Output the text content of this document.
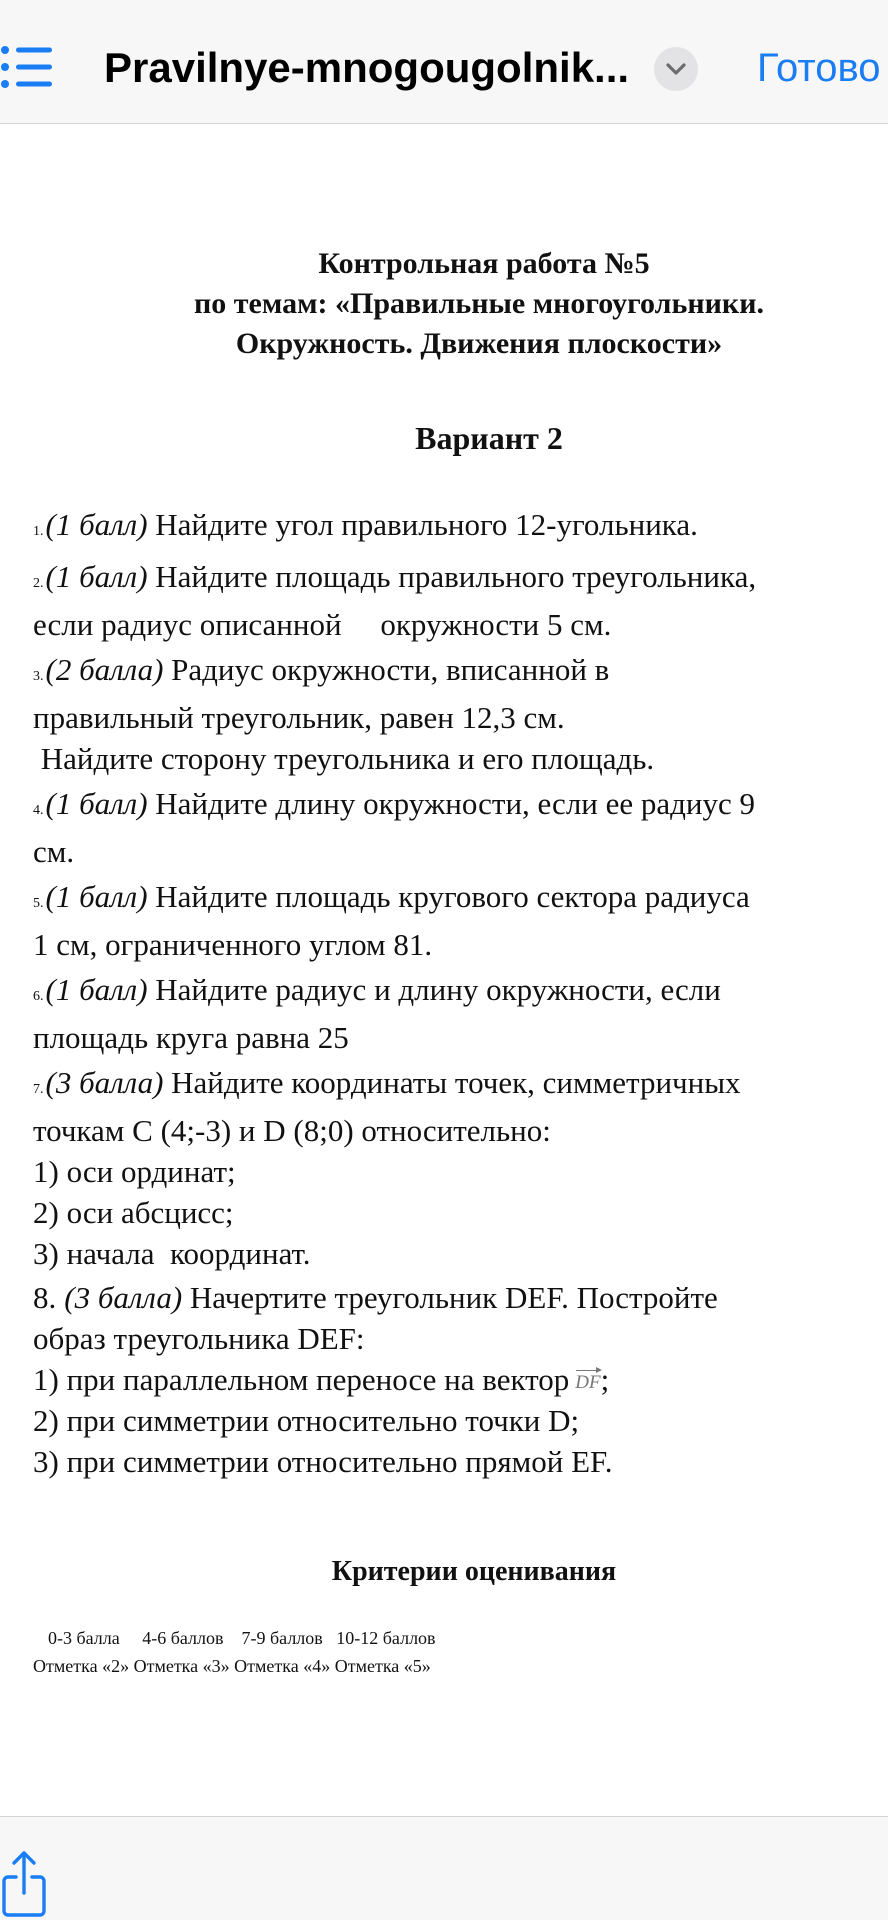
Pravilnye-mnogougolnik...	Готово
Контрольная работа №5
по темам: «Правильные многоугольники.
Окружность. Движения плоскости»
Вариант 2
1.(1 балл) Найдите угол правильного 12-угольника.
2.(1 балл) Найдите площадь правильного треугольника,
если радиус описанной     окружности 5 см.
3.(2 балла) Радиус окружности, вписанной в
правильный треугольник, равен 12,3 см.
Найдите сторону треугольника и его площадь.
4.(1 балл) Найдите длину окружности, если ее радиус 9
см.
5.(1 балл) Найдите площадь кругового сектора радиуса
1 см, ограниченного углом 81.
6.(1 балл) Найдите радиус и длину окружности, если
площадь круга равна 25
7.(3 балла) Найдите координаты точек, симметричных
точкам С (4;-3) и D (8;0) относительно:
1) оси ординат;
2) оси абсцисс;
3) начала  координат.
8. (3 балла) Начертите треугольник DEF. Постройте
образ треугольника DEF:
1) при параллельном переносе на вектор DF;
2) при симметрии относительно точки D;
3) при симметрии относительно прямой EF.
Критерии оценивания
0-3 балла     4-6 баллов    7-9 баллов   10-12 баллов
Отметка «2» Отметка «3» Отметка «4» Отметка «5»
